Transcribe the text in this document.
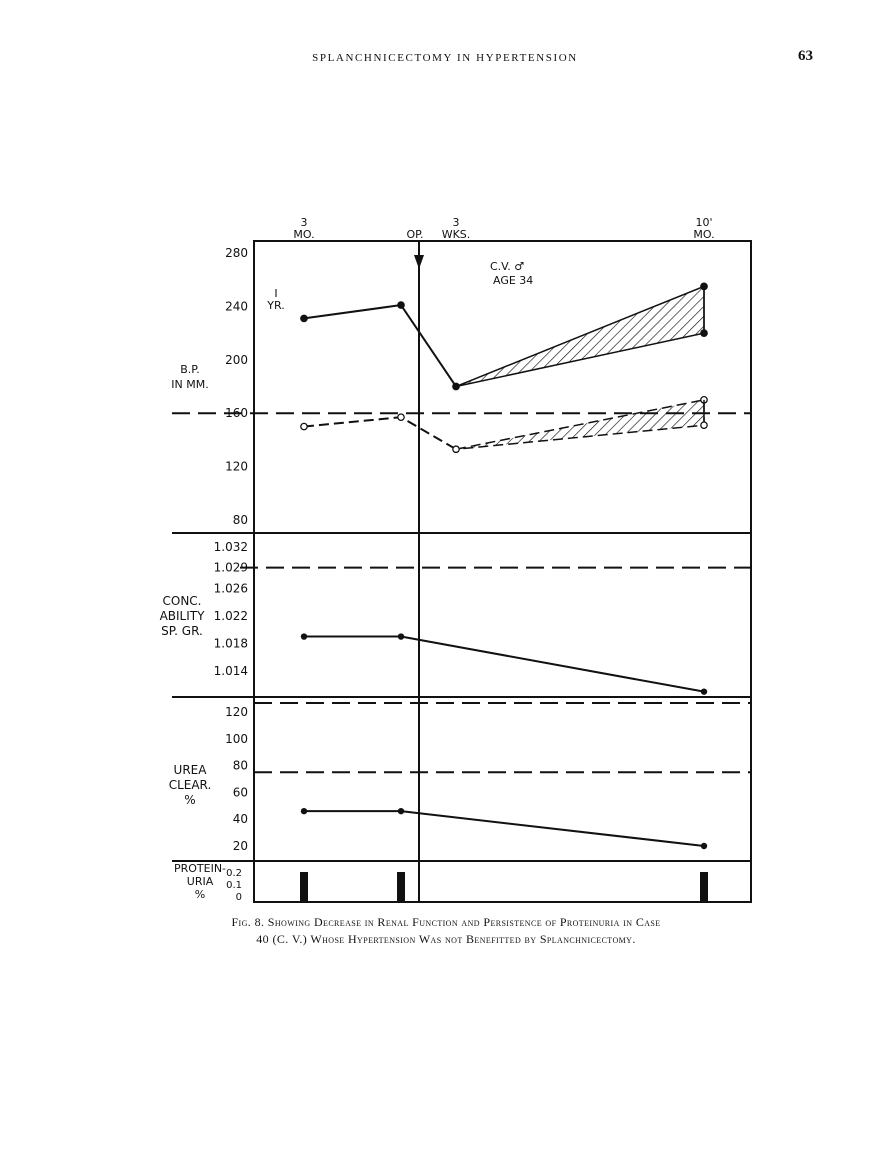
SPLANCHNICECTOMY IN HYPERTENSION	63
3
MO.	OP.
3
WKS.
10'
MO.
80
120
160
200
240
280
1.032
1.029
1.026
1.022
1.018
1.014
120
100
80
60
40
20
0.2
0.1
0
B.P.
IN MM.
CONC.
ABILITY
SP. GR.
UREA
CLEAR.
%
PROTEIN-
URIA
%
I
YR.
C.V. ♂
AGE 34
Fig. 8. Showing Decrease in Renal Function and Persistence of Proteinuria in Case
40 (C. V.) Whose Hypertension Was not Benefitted by Splanchnicectomy.
